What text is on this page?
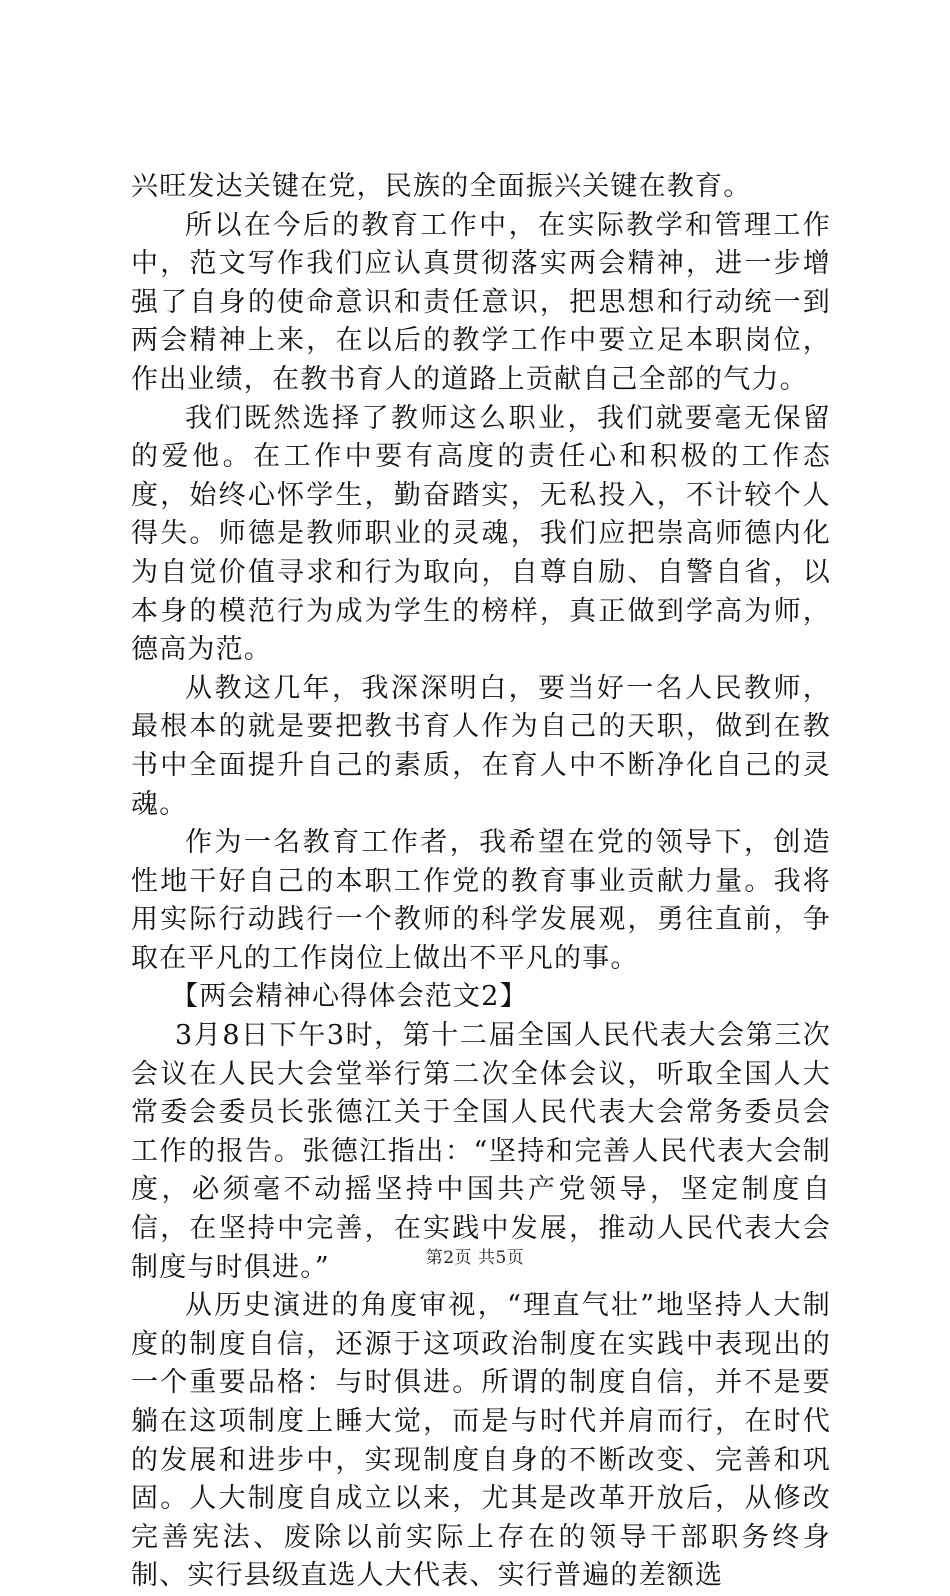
兴旺发达关键在党，民族的全面振兴关键在教育。

所以在今后的教育工作中，在实际教学和管理工作中，范文写作我们应认真贯彻落实两会精神，进一步增强了自身的使命意识和责任意识，把思想和行动统一到两会精神上来，在以后的教学工作中要立足本职岗位，作出业绩，在教书育人的道路上贡献自己全部的气力。

我们既然选择了教师这么职业，我们就要毫无保留的爱他。在工作中要有高度的责任心和积极的工作态度，始终心怀学生，勤奋踏实，无私投入，不计较个人得失。师德是教师职业的灵魂，我们应把崇高师德内化为自觉价值寻求和行为取向，自尊自励、自警自省，以本身的模范行为成为学生的榜样，真正做到学高为师，德高为范。

从教这几年，我深深明白，要当好一名人民教师，最根本的就是要把教书育人作为自己的天职，做到在教书中全面提升自己的素质，在育人中不断净化自己的灵魂。

作为一名教育工作者，我希望在党的领导下，创造性地干好自己的本职工作党的教育事业贡献力量。我将用实际行动践行一个教师的科学发展观，勇往直前，争取在平凡的工作岗位上做出不平凡的事。

【两会精神心得体会范文2】

3月8日下午3时，第十二届全国人民代表大会第三次会议在人民大会堂举行第二次全体会议，听取全国人大常委会委员长张德江关于全国人民代表大会常务委员会工作的报告。张德江指出：“坚持和完善人民代表大会制度，必须毫不动摇坚持中国共产党领导，坚定制度自信，在坚持中完善，在实践中发展，推动人民代表大会制度与时俱进。”

从历史演进的角度审视，“理直气壮”地坚持人大制度的制度自信，还源于这项政治制度在实践中表现出的一个重要品格：与时俱进。所谓的制度自信，并不是要躺在这项制度上睡大觉，而是与时代并肩而行，在时代的发展和进步中，实现制度自身的不断改变、完善和巩固。人大制度自成立以来，尤其是改革开放后，从修改完善宪法、废除以前实际上存在的领导干部职务终身制、实行县级直选人大代表、实行普遍的差额选

第2页 共5页
